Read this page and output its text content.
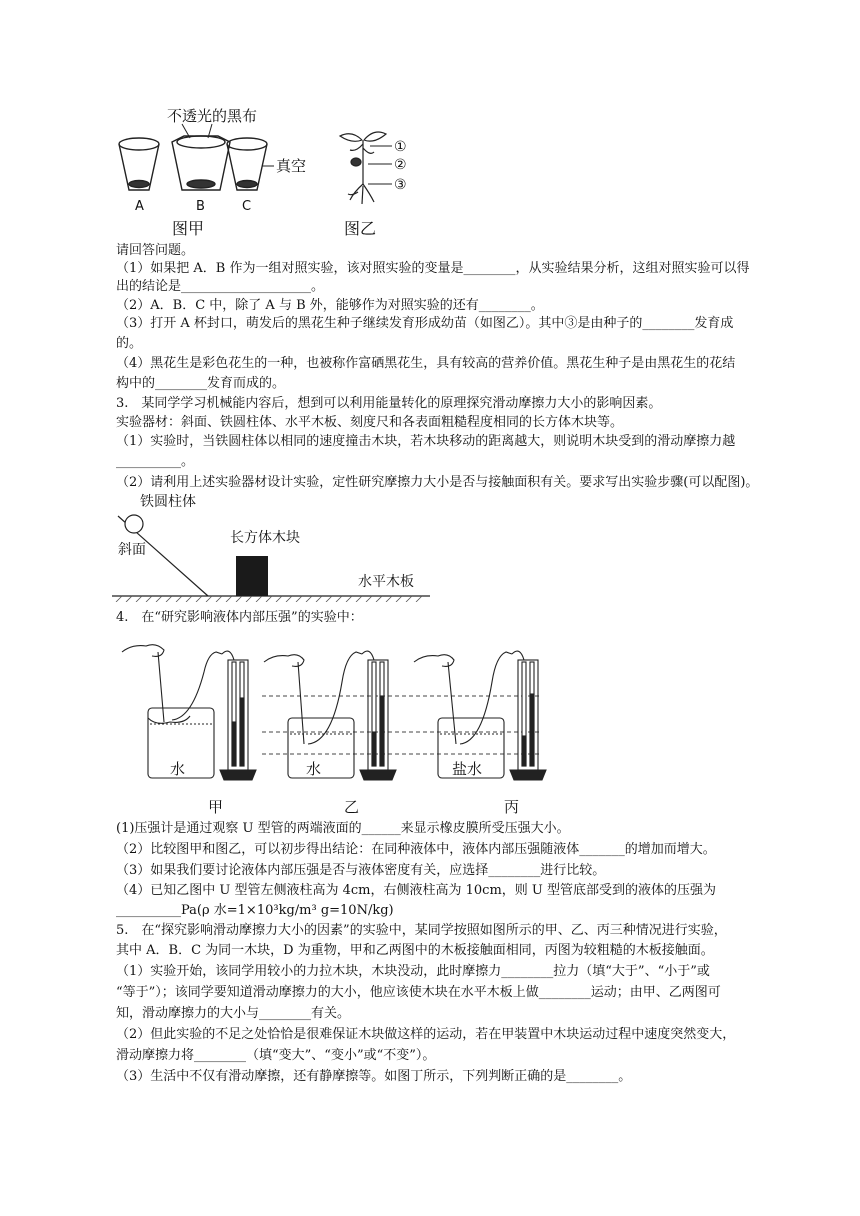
不透光的黑布
真空
A	B	C
图甲
①
②
③
图乙
请回答问题。
（1）如果把 A．B 作为一组对照实验，该对照实验的变量是________，从实验结果分析，这组对照实验可以得
出的结论是____________________。
（2）A．B．C 中，除了 A 与 B 外，能够作为对照实验的还有________。
（3）打开 A 杯封口，萌发后的黑花生种子继续发育形成幼苗（如图乙）。其中③是由种子的________发育成
的。
（4）黑花生是彩色花生的一种，也被称作富硒黑花生，具有较高的营养价值。黑花生种子是由黑花生的花结
构中的________发育而成的。
3.　某同学学习机械能内容后，想到可以利用能量转化的原理探究滑动摩擦力大小的影响因素。
实验器材：斜面、铁圆柱体、水平木板、刻度尺和各表面粗糙程度相同的长方体木块等。
（1）实验时，当铁圆柱体以相同的速度撞击木块，若木块移动的距离越大，则说明木块受到的滑动摩擦力越
__________。
（2）请利用上述实验器材设计实验，定性研究摩擦力大小是否与接触面积有关。要求写出实验步骤(可以配图)。
铁圆柱体
长方体木块
斜面
水平木板
4.　在“研究影响液体内部压强”的实验中：
水	水	盐水
甲	乙	丙
(1)压强计是通过观察 U 型管的两端液面的______来显示橡皮膜所受压强大小。
（2）比较图甲和图乙，可以初步得出结论：在同种液体中，液体内部压强随液体_______的增加而增大。
（3）如果我们要讨论液体内部压强是否与液体密度有关，应选择________进行比较。
（4）已知乙图中 U 型管左侧液柱高为 4cm，右侧液柱高为 10cm，则 U 型管底部受到的液体的压强为
__________Pa(ρ 水=1×10³kg/m³ g=10N/kg)
5.　在“探究影响滑动摩擦力大小的因素”的实验中，某同学按照如图所示的甲、乙、丙三种情况进行实验，
其中 A．B．C 为同一木块，D 为重物，甲和乙两图中的木板接触面相同，丙图为较粗糙的木板接触面。
（1）实验开始，该同学用较小的力拉木块，木块没动，此时摩擦力________拉力（填“大于”、“小于”或
“等于”）；该同学要知道滑动摩擦力的大小，他应该使木块在水平木板上做________运动；由甲、乙两图可
知，滑动摩擦力的大小与________有关。
（2）但此实验的不足之处恰恰是很难保证木块做这样的运动，若在甲装置中木块运动过程中速度突然变大，
滑动摩擦力将________（填“变大”、“变小”或“不变”）。
（3）生活中不仅有滑动摩擦，还有静摩擦等。如图丁所示，下列判断正确的是________。
